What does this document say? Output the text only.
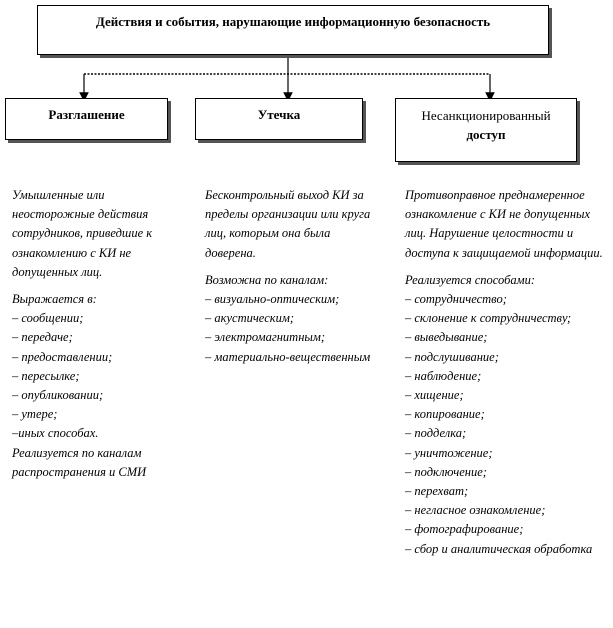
Действия и события, нарушающие информационную безопасность
Разглашение	Утечка	Несанкционированный
доступ

Умышленные или неосторожные действия сотрудников, приведшие к ознакомлению с КИ не допущенных лиц.

Выражается в:

– сообщении;
– передаче;
– предоставлении;
– пересылке;
– опубликовании;
– утере;
–иных способах.

Реализуется по каналам распространения и СМИ

Бесконтрольный выход КИ за пределы организации или круга лиц, которым она была доверена.

Возможна по каналам:

– визуально-оптическим;
– акустическим;
– электромагнитным;
– материально-вещественным

Противоправное преднамеренное ознакомление с КИ не допущенных лиц. Нарушение целостности и доступа к защищаемой информации.

Реализуется способами:

– сотрудничество;
– склонение к сотрудничеству;
– выведывание;
– подслушивание;
– наблюдение;
– хищение;
– копирование;
– подделка;
– уничтожение;
– подключение;
– перехват;
– негласное ознакомление;
– фотографирование;
– сбор и аналитическая обработка
